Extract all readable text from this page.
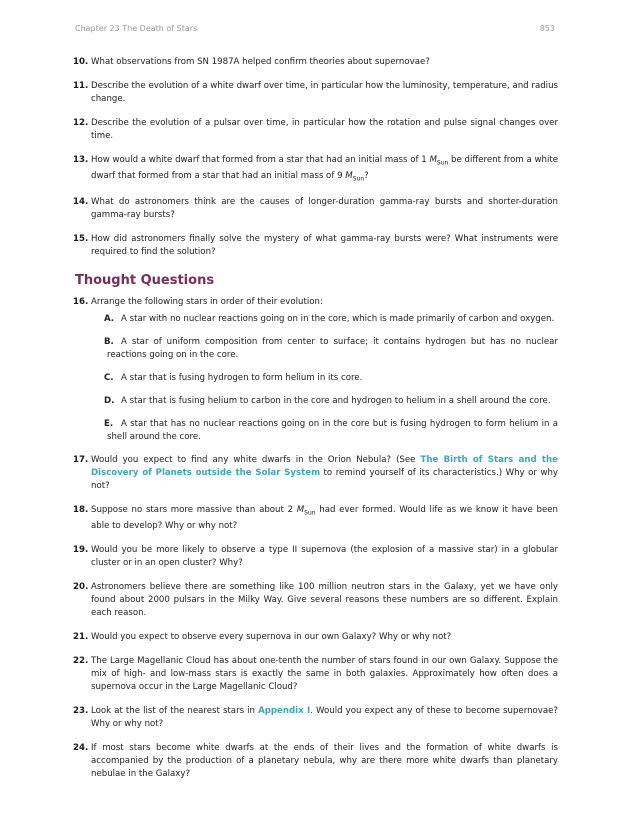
Chapter 23 The Death of Stars	853
10. What observations from SN 1987A helped confirm theories about supernovae?
11. Describe the evolution of a white dwarf over time, in particular how the luminosity, temperature, and radius change.
12. Describe the evolution of a pulsar over time, in particular how the rotation and pulse signal changes over time.
13. How would a white dwarf that formed from a star that had an initial mass of 1 $M_{Sun}$ be different from a white dwarf that formed from a star that had an initial mass of 9 $M_{Sun}$?
14. What do astronomers think are the causes of longer-duration gamma-ray bursts and shorter-duration gamma-ray bursts?
15. How did astronomers finally solve the mystery of what gamma-ray bursts were? What instruments were required to find the solution?
Thought Questions
16. Arrange the following stars in order of their evolution:
A. A star with no nuclear reactions going on in the core, which is made primarily of carbon and oxygen.
B. A star of uniform composition from center to surface; it contains hydrogen but has no nuclear reactions going on in the core.
C. A star that is fusing hydrogen to form helium in its core.
D. A star that is fusing helium to carbon in the core and hydrogen to helium in a shell around the core.
E. A star that has no nuclear reactions going on in the core but is fusing hydrogen to form helium in a shell around the core.
17. Would you expect to find any white dwarfs in the Orion Nebula? (See The Birth of Stars and the Discovery of Planets outside the Solar System to remind yourself of its characteristics.) Why or why not?
18. Suppose no stars more massive than about 2 $M_{Sun}$ had ever formed. Would life as we know it have been able to develop? Why or why not?
19. Would you be more likely to observe a type II supernova (the explosion of a massive star) in a globular cluster or in an open cluster? Why?
20. Astronomers believe there are something like 100 million neutron stars in the Galaxy, yet we have only found about 2000 pulsars in the Milky Way. Give several reasons these numbers are so different. Explain each reason.
21. Would you expect to observe every supernova in our own Galaxy? Why or why not?
22. The Large Magellanic Cloud has about one-tenth the number of stars found in our own Galaxy. Suppose the mix of high- and low-mass stars is exactly the same in both galaxies. Approximately how often does a supernova occur in the Large Magellanic Cloud?
23. Look at the list of the nearest stars in Appendix I. Would you expect any of these to become supernovae? Why or why not?
24. If most stars become white dwarfs at the ends of their lives and the formation of white dwarfs is accompanied by the production of a planetary nebula, why are there more white dwarfs than planetary nebulae in the Galaxy?
